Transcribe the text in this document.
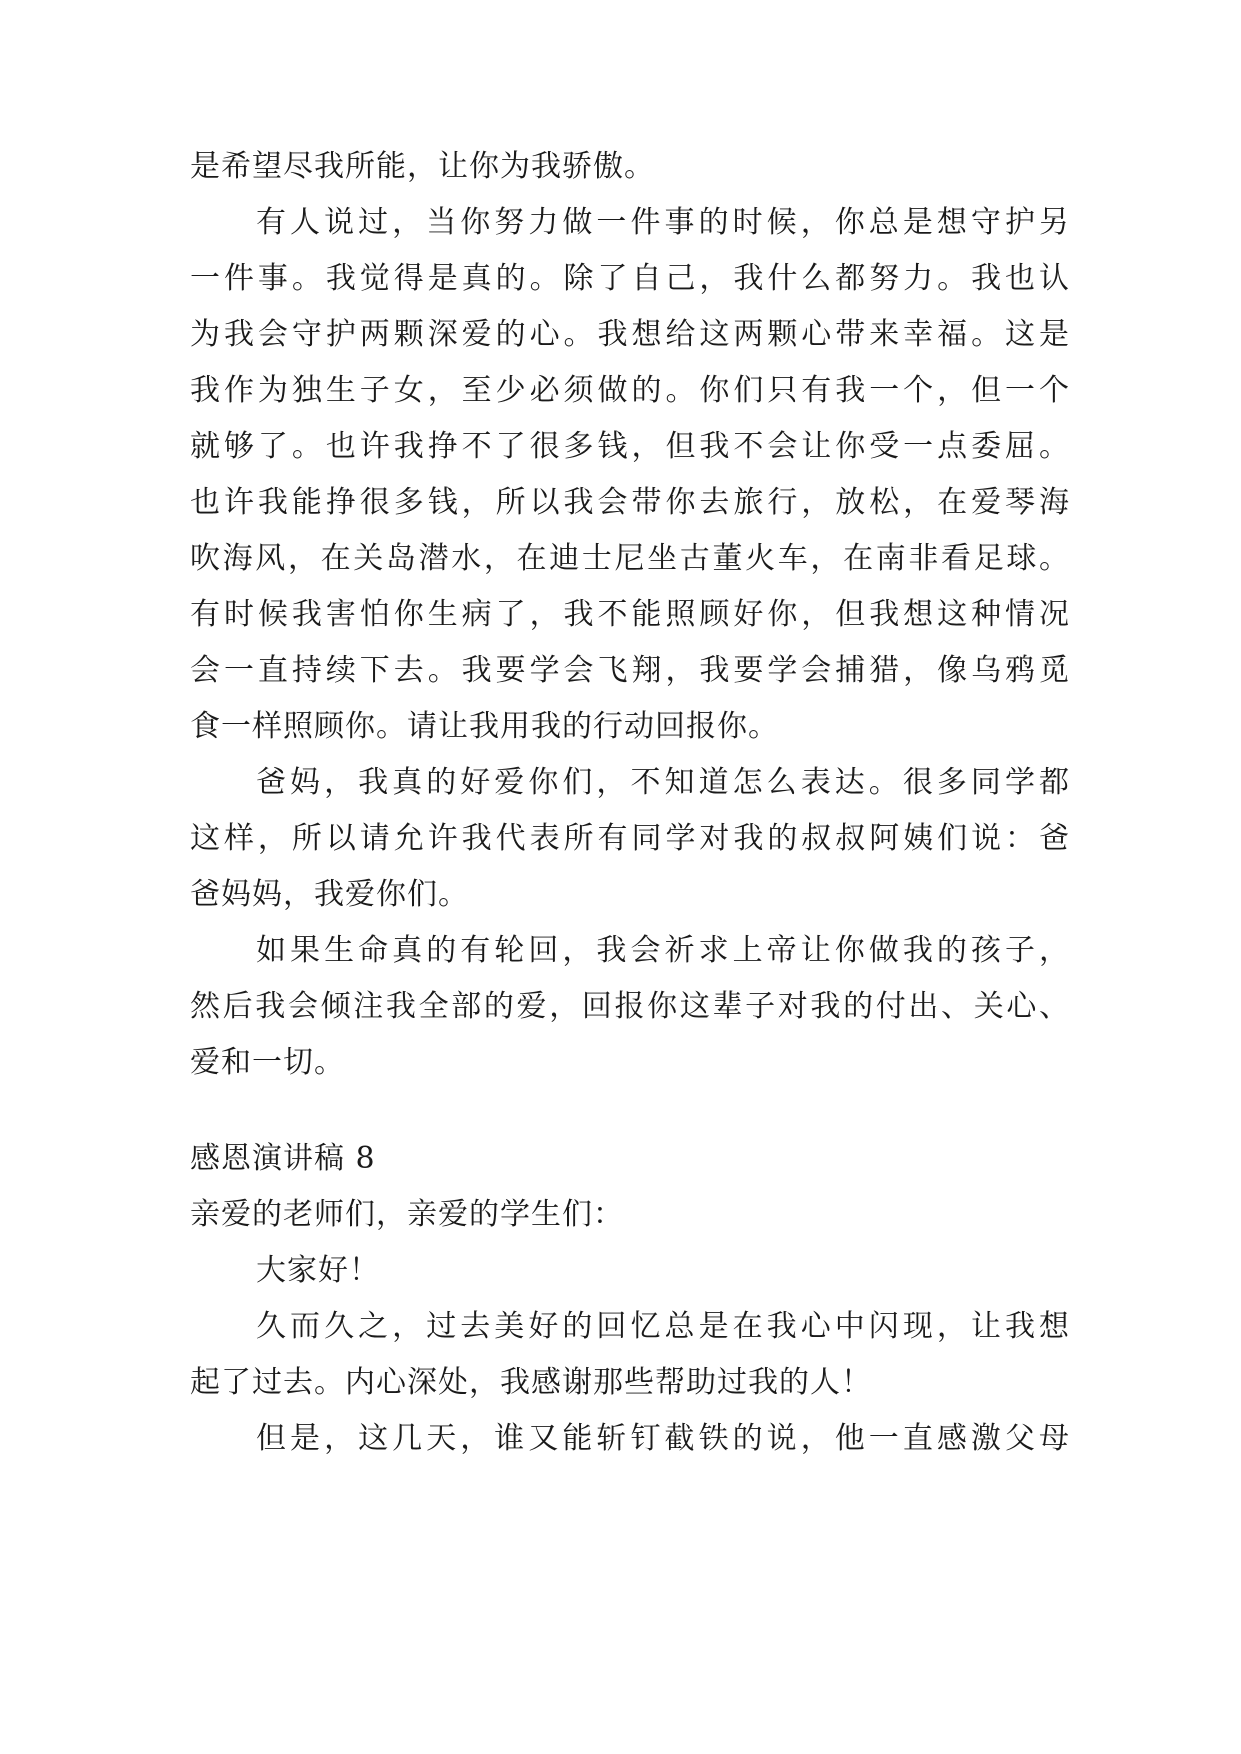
是希望尽我所能，让你为我骄傲。
有人说过，当你努力做一件事的时候，你总是想守护另
一件事。我觉得是真的。除了自己，我什么都努力。我也认
为我会守护两颗深爱的心。我想给这两颗心带来幸福。这是
我作为独生子女，至少必须做的。你们只有我一个，但一个
就够了。也许我挣不了很多钱，但我不会让你受一点委屈。
也许我能挣很多钱，所以我会带你去旅行，放松，在爱琴海
吹海风，在关岛潜水，在迪士尼坐古董火车，在南非看足球。
有时候我害怕你生病了，我不能照顾好你，但我想这种情况
会一直持续下去。我要学会飞翔，我要学会捕猎，像乌鸦觅
食一样照顾你。请让我用我的行动回报你。
爸妈，我真的好爱你们，不知道怎么表达。很多同学都
这样，所以请允许我代表所有同学对我的叔叔阿姨们说：爸
爸妈妈，我爱你们。
如果生命真的有轮回，我会祈求上帝让你做我的孩子，
然后我会倾注我全部的爱，回报你这辈子对我的付出、关心、
爱和一切。
感恩演讲稿 8
亲爱的老师们，亲爱的学生们：
大家好！
久而久之，过去美好的回忆总是在我心中闪现，让我想
起了过去。内心深处，我感谢那些帮助过我的人！
但是，这几天，谁又能斩钉截铁的说，他一直感激父母
